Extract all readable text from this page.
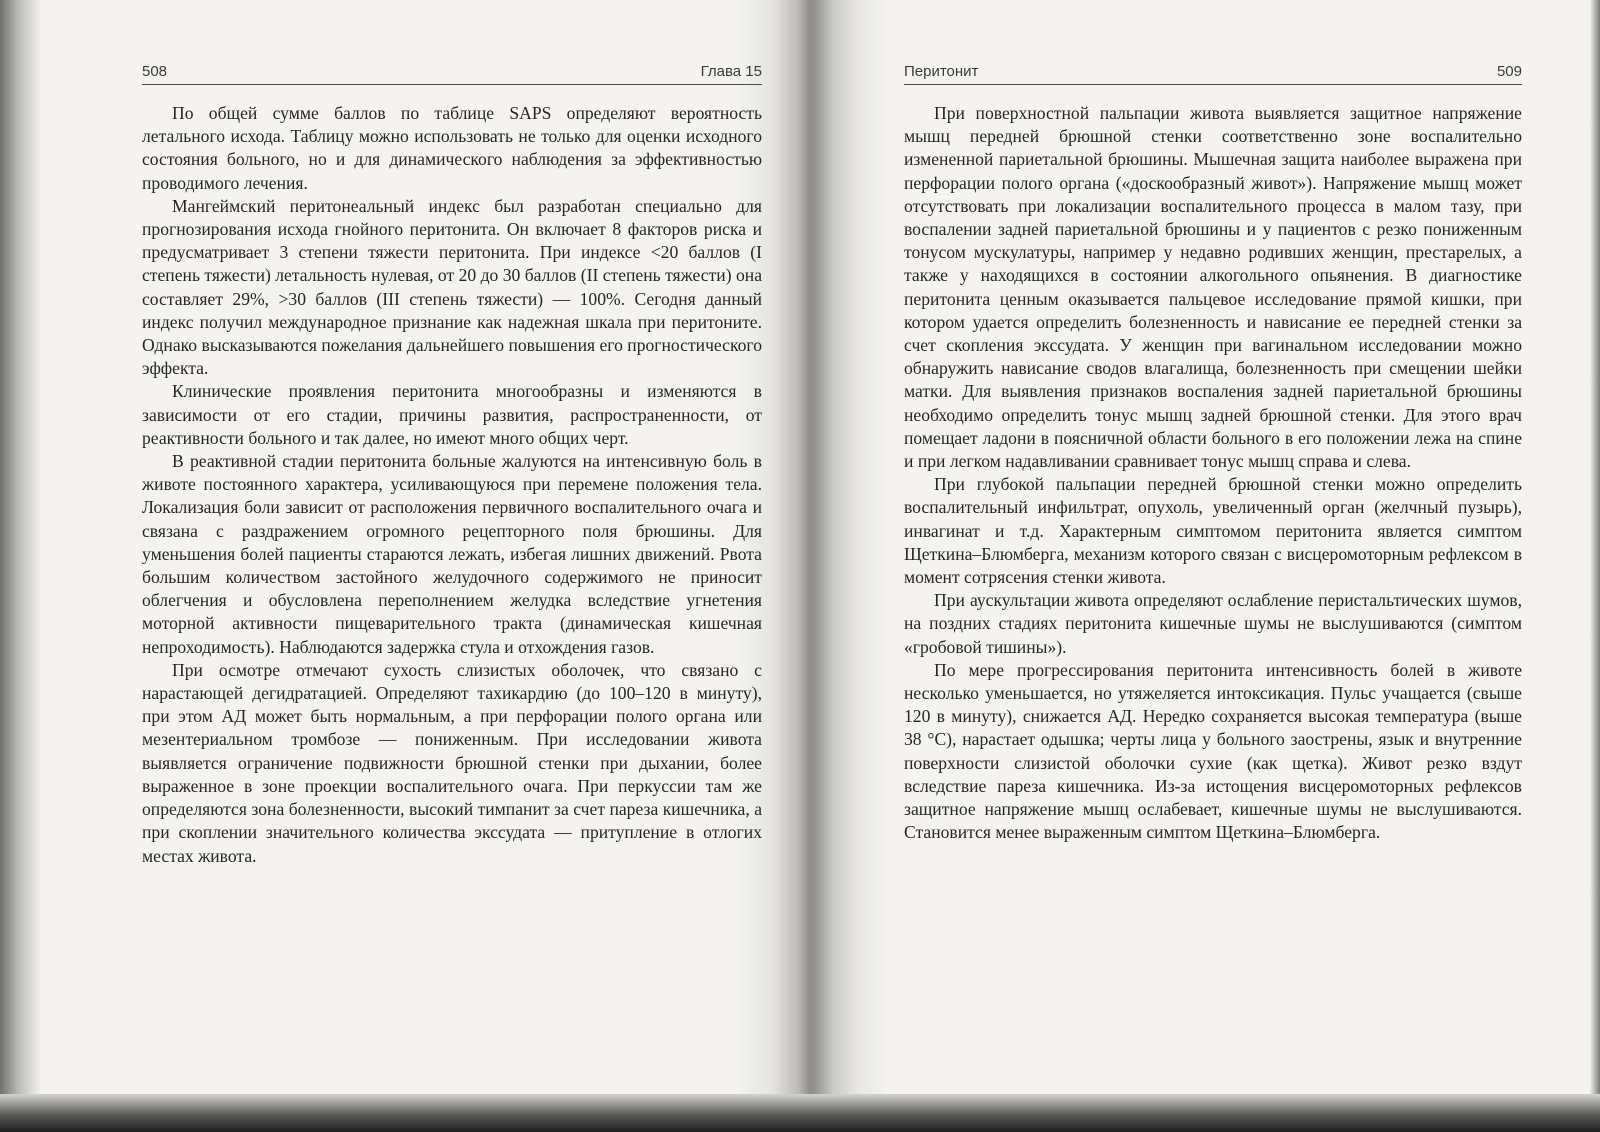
508	Глава 15

По общей сумме баллов по таблице SAPS определяют вероятность летального исхода. Таблицу можно использовать не только для оценки исходного состояния больного, но и для динамического наблюдения за эффективностью проводимого лечения.

Мангеймский перитонеальный индекс был разработан специально для прогнозирования исхода гнойного перитонита. Он включает 8 факторов риска и предусматривает 3 степени тяжести перитонита. При индексе <20 баллов (I степень тяжести) летальность нулевая, от 20 до 30 баллов (II степень тяжести) она составляет 29%, >30 баллов (III степень тяжести) — 100%. Сегодня данный индекс получил международное признание как надежная шкала при перитоните. Однако высказываются пожелания дальнейшего повышения его прогностического эффекта.

Клинические проявления перитонита многообразны и изменяются в зависимости от его стадии, причины развития, распространенности, от реактивности больного и так далее, но имеют много общих черт.

В реактивной стадии перитонита больные жалуются на интенсивную боль в животе постоянного характера, усиливающуюся при перемене положения тела. Локализация боли зависит от расположения первичного воспалительного очага и связана с раздражением огромного рецепторного поля брюшины. Для уменьшения болей пациенты стараются лежать, избегая лишних движений. Рвота большим количеством застойного желудочного содержимого не приносит облегчения и обусловлена переполнением желудка вследствие угнетения моторной активности пищеварительного тракта (динамическая кишечная непроходимость). Наблюдаются задержка стула и отхождения газов.

При осмотре отмечают сухость слизистых оболочек, что связано с нарастающей дегидратацией. Определяют тахикардию (до 100–120 в минуту), при этом АД может быть нормальным, а при перфорации полого органа или мезентериальном тромбозе — пониженным. При исследовании живота выявляется ограничение подвижности брюшной стенки при дыхании, более выраженное в зоне проекции воспалительного очага. При перкуссии там же определяются зона болезненности, высокий тимпанит за счет пареза кишечника, а при скоплении значительного количества экссудата — притупление в отлогих местах живота.

Перитонит	509

При поверхностной пальпации живота выявляется защитное напряжение мышц передней брюшной стенки соответственно зоне воспалительно измененной париетальной брюшины. Мышечная защита наиболее выражена при перфорации полого органа («доскообразный живот»). Напряжение мышц может отсутствовать при локализации воспалительного процесса в малом тазу, при воспалении задней париетальной брюшины и у пациентов с резко пониженным тонусом мускулатуры, например у недавно родивших женщин, престарелых, а также у находящихся в состоянии алкогольного опьянения. В диагностике перитонита ценным оказывается пальцевое исследование прямой кишки, при котором удается определить болезненность и нависание ее передней стенки за счет скопления экссудата. У женщин при вагинальном исследовании можно обнаружить нависание сводов влагалища, болезненность при смещении шейки матки. Для выявления признаков воспаления задней париетальной брюшины необходимо определить тонус мышц задней брюшной стенки. Для этого врач помещает ладони в поясничной области больного в его положении лежа на спине и при легком надавливании сравнивает тонус мышц справа и слева.

При глубокой пальпации передней брюшной стенки можно определить воспалительный инфильтрат, опухоль, увеличенный орган (желчный пузырь), инвагинат и т.д. Характерным симптомом перитонита является симптом Щеткина–Блюмберга, механизм которого связан с висцеромоторным рефлексом в момент сотрясения стенки живота.

При аускультации живота определяют ослабление перистальтических шумов, на поздних стадиях перитонита кишечные шумы не выслушиваются (симптом «гробовой тишины»).

По мере прогрессирования перитонита интенсивность болей в животе несколько уменьшается, но утяжеляется интоксикация. Пульс учащается (свыше 120 в минуту), снижается АД. Нередко сохраняется высокая температура (выше 38 °С), нарастает одышка; черты лица у больного заострены, язык и внутренние поверхности слизистой оболочки сухие (как щетка). Живот резко вздут вследствие пареза кишечника. Из-за истощения висцеромоторных рефлексов защитное напряжение мышц ослабевает, кишечные шумы не выслушиваются. Становится менее выраженным симптом Щеткина–Блюмберга.
